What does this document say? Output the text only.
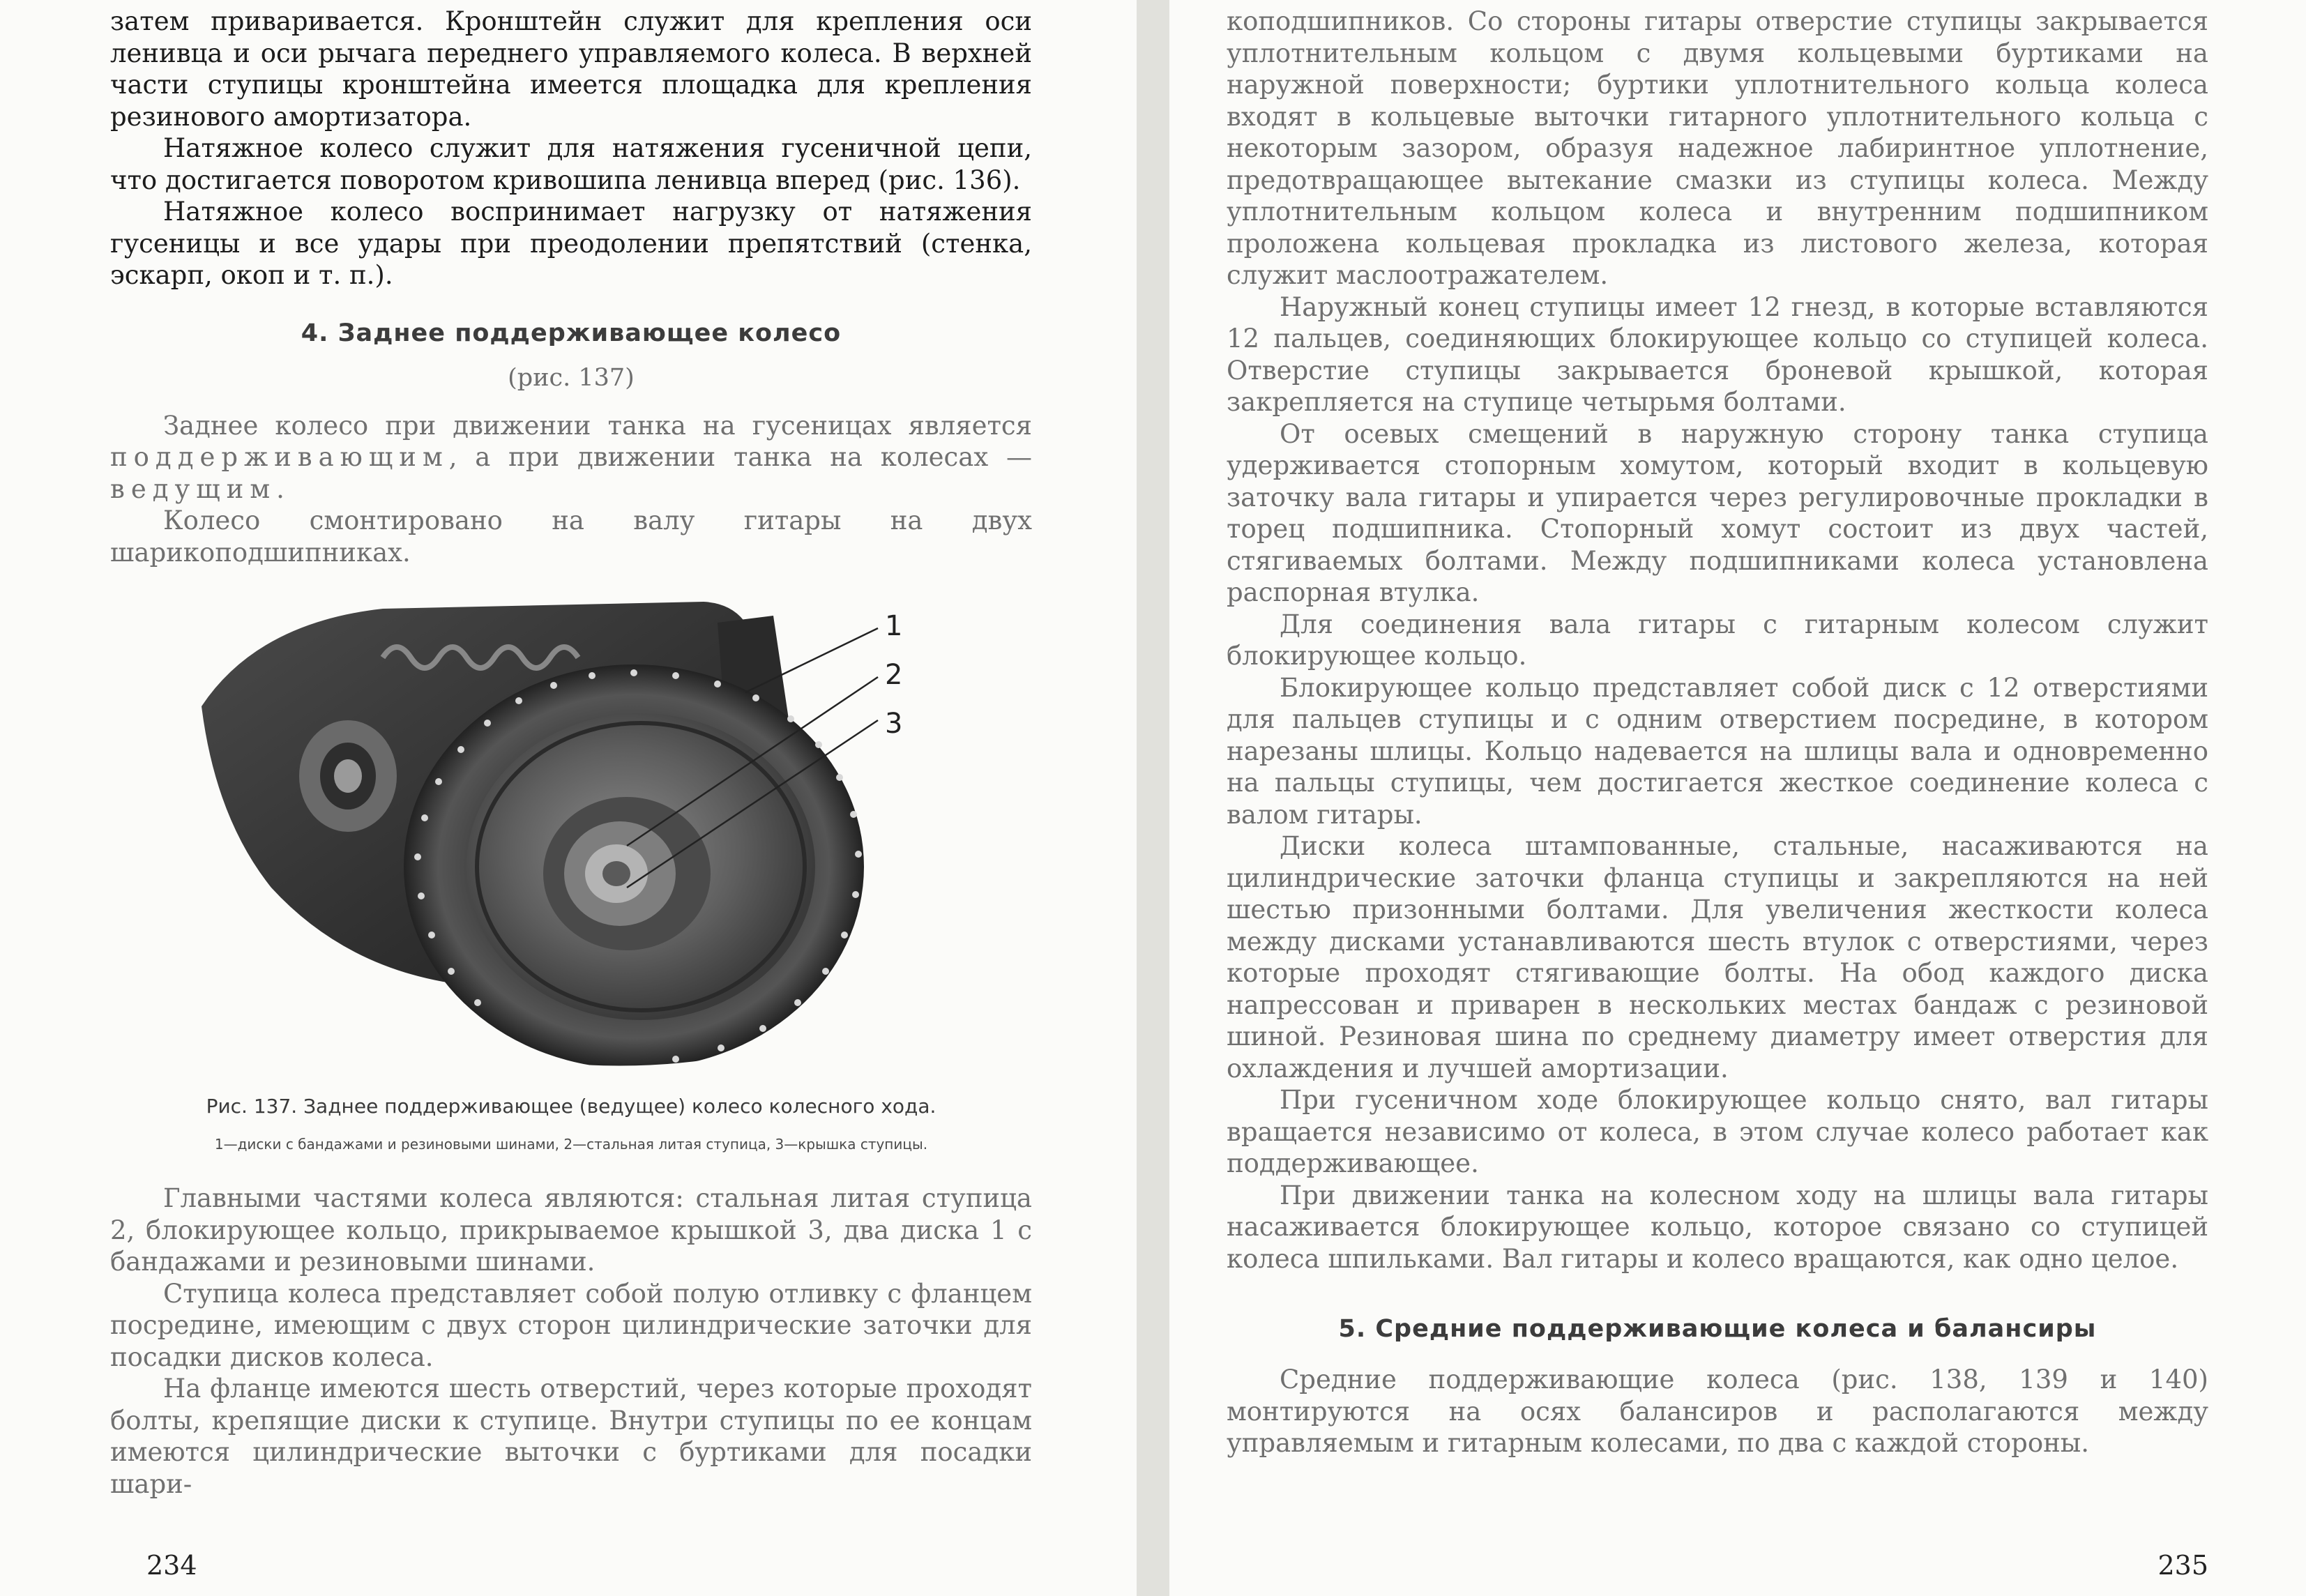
затем приваривается. Кронштейн служит для крепления оси ленивца и оси рычага переднего управляемого колеса. В верхней части ступицы кронштейна имеется площадка для крепления резинового амортизатора.

Натяжное колесо служит для натяжения гусеничной цепи, что достигается поворотом кривошипа ленивца вперед (рис. 136).

Натяжное колесо воспринимает нагрузку от натяжения гусеницы и все удары при преодолении препятствий (стенка, эскарп, окоп и т. п.).

4. Заднее поддерживающее колесо

(рис. 137)

Заднее колесо при движении танка на гусеницах является поддерживающим, а при движении танка на колесах — ведущим.

Колесо смонтировано на валу гитары на двух шарикоподшипниках.

1
2
3

Рис. 137. Заднее поддерживающее (ведущее) колесо колесного хода.

1—диски с бандажами и резиновыми шинами, 2—стальная литая ступица, 3—крышка ступицы.

Главными частями колеса являются: стальная литая ступица 2, блокирующее кольцо, прикрываемое крышкой 3, два диска 1 с бандажами и резиновыми шинами.

Ступица колеса представляет собой полую отливку с фланцем посредине, имеющим с двух сторон цилиндрические заточки для посадки дисков колеса.

На фланце имеются шесть отверстий, через которые проходят болты, крепящие диски к ступице. Внутри ступицы по ее концам имеются цилиндрические выточки с буртиками для посадки шари-

234

коподшипников. Со стороны гитары отверстие ступицы закрывается уплотнительным кольцом с двумя кольцевыми буртиками на наружной поверхности; буртики уплотнительного кольца колеса входят в кольцевые выточки гитарного уплотнительного кольца с некоторым зазором, образуя надежное лабиринтное уплотнение, предотвращающее вытекание смазки из ступицы колеса. Между уплотнительным кольцом колеса и внутренним подшипником проложена кольцевая прокладка из листового железа, которая служит маслоотражателем.

Наружный конец ступицы имеет 12 гнезд, в которые вставляются 12 пальцев, соединяющих блокирующее кольцо со ступицей колеса. Отверстие ступицы закрывается броневой крышкой, которая закрепляется на ступице четырьмя болтами.

От осевых смещений в наружную сторону танка ступица удерживается стопорным хомутом, который входит в кольцевую заточку вала гитары и упирается через регулировочные прокладки в торец подшипника. Стопорный хомут состоит из двух частей, стягиваемых болтами. Между подшипниками колеса установлена распорная втулка.

Для соединения вала гитары с гитарным колесом служит блокирующее кольцо.

Блокирующее кольцо представляет собой диск с 12 отверстиями для пальцев ступицы и с одним отверстием посредине, в котором нарезаны шлицы. Кольцо надевается на шлицы вала и одновременно на пальцы ступицы, чем достигается жесткое соединение колеса с валом гитары.

Диски колеса штампованные, стальные, насаживаются на цилиндрические заточки фланца ступицы и закрепляются на ней шестью призонными болтами. Для увеличения жесткости колеса между дисками устанавливаются шесть втулок с отверстиями, через которые проходят стягивающие болты. На обод каждого диска напрессован и приварен в нескольких местах бандаж с резиновой шиной. Резиновая шина по среднему диаметру имеет отверстия для охлаждения и лучшей амортизации.

При гусеничном ходе блокирующее кольцо снято, вал гитары вращается независимо от колеса, в этом случае колесо работает как поддерживающее.

При движении танка на колесном ходу на шлицы вала гитары насаживается блокирующее кольцо, которое связано со ступицей колеса шпильками. Вал гитары и колесо вращаются, как одно целое.

5. Средние поддерживающие колеса и балансиры

Средние поддерживающие колеса (рис. 138, 139 и 140) монтируются на осях балансиров и располагаются между управляемым и гитарным колесами, по два с каждой стороны.

235
